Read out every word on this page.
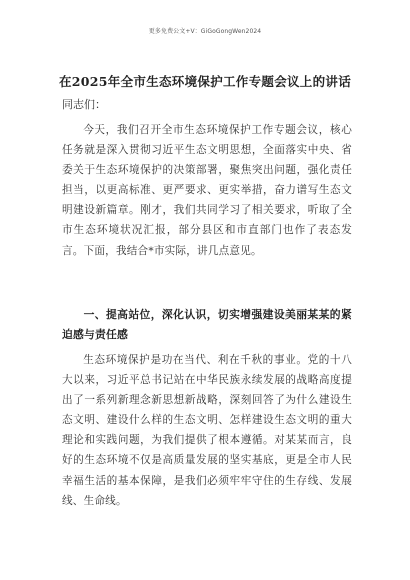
更多免费公文+V：GiGoGongWen2024
在2025年全市生态环境保护工作专题会议上的讲话
同志们：

今天，我们召开全市生态环境保护工作专题会议，核心任务就是深入贯彻习近平生态文明思想，全面落实中央、省委关于生态环境保护的决策部署，聚焦突出问题，强化责任担当，以更高标准、更严要求、更实举措，奋力谱写生态文明建设新篇章。刚才，我们共同学习了相关要求，听取了全市生态环境状况汇报，部分县区和市直部门也作了表态发言。下面，我结合*市实际，讲几点意见。

一、提高站位，深化认识，切实增强建设美丽某某的紧迫感与责任感

生态环境保护是功在当代、利在千秋的事业。党的十八大以来，习近平总书记站在中华民族永续发展的战略高度提出了一系列新理念新思想新战略，深刻回答了为什么建设生态文明、建设什么样的生态文明、怎样建设生态文明的重大理论和实践问题，为我们提供了根本遵循。对某某而言，良好的生态环境不仅是高质量发展的坚实基底，更是全市人民幸福生活的基本保障，是我们必须牢牢守住的生存线、发展线、生命线。
